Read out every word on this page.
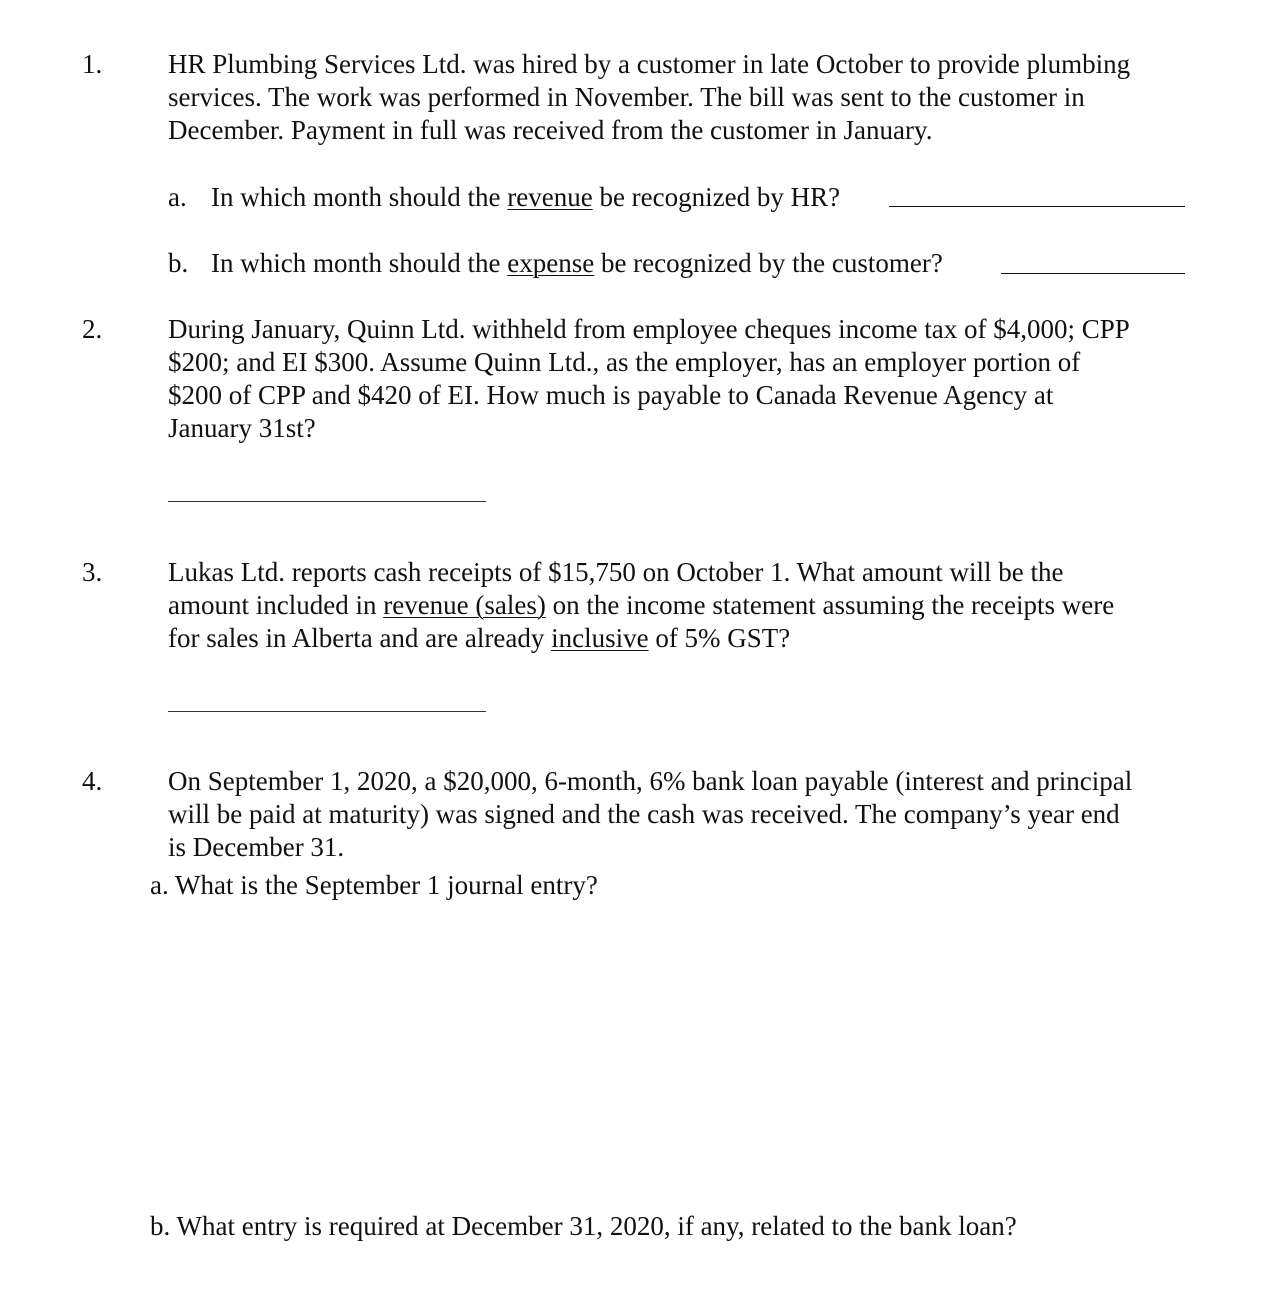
1. HR Plumbing Services Ltd. was hired by a customer in late October to provide plumbing
services. The work was performed in November. The bill was sent to the customer in
December. Payment in full was received from the customer in January.
a. In which month should the revenue be recognized by HR?
b. In which month should the expense be recognized by the customer?
2. During January, Quinn Ltd. withheld from employee cheques income tax of $4,000; CPP
$200; and EI $300. Assume Quinn Ltd., as the employer, has an employer portion of
$200 of CPP and $420 of EI. How much is payable to Canada Revenue Agency at
January 31st?
3. Lukas Ltd. reports cash receipts of $15,750 on October 1. What amount will be the
amount included in revenue (sales) on the income statement assuming the receipts were
for sales in Alberta and are already inclusive of 5% GST?
4. On September 1, 2020, a $20,000, 6-month, 6% bank loan payable (interest and principal
will be paid at maturity) was signed and the cash was received. The company’s year end
is December 31.
a. What is the September 1 journal entry?
b. What entry is required at December 31, 2020, if any, related to the bank loan?
